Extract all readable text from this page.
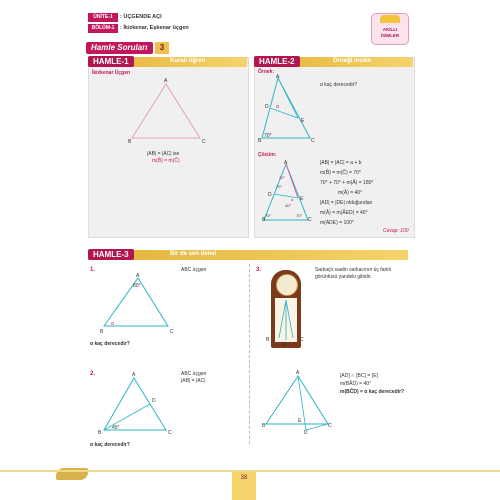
ÜNİTE-1	: ÜÇGENDE AÇI
BÖLÜM-1	: İkizkenar, Eşkenar üçgen	AKILLI İSİMLER
Hamle Soruları	3
HAMLE-1	Kuralı öğren
İkizkenar Üçgen
A
B	C
|AB| = |AC| ise
m(B̂) = m(Ĉ)
HAMLE-2	Örneği incele
Örnek:
α kaç derecedir?
A
B	C
D
E
70°
α
Çözüm:
A
B	C
D
E
40°
70°
70°	70°
α
40°
|AB| = |AC| = a + b
m(B̂) = m(Ĉ) = 70°
70° + 70° + m(Â) = 180°
m(Â) = 40°
|AD| = |DE| olduğundan
m(Â) = m(ÂED) = 40°
m(ADE) = 100°
Cevap: 100
HAMLE-3	Bir de sen dene!
1.	ABC üçgen
A
B	C
80°
α
α kaç derecedir?
2.	ABC üçgen
|AB| = |AC|
A
B	C
D
45°
α kaç derecedir?
3.	Sarkaçlı saatin sarkacının üç farklı
görüntüsü yandeki gibidir.
B
A
C
[AD] ∩ [BC] = {E}
m(BÂD) = 40°
m(BĈD) = α kaç derecedir?
A
B	C
D
E
38
